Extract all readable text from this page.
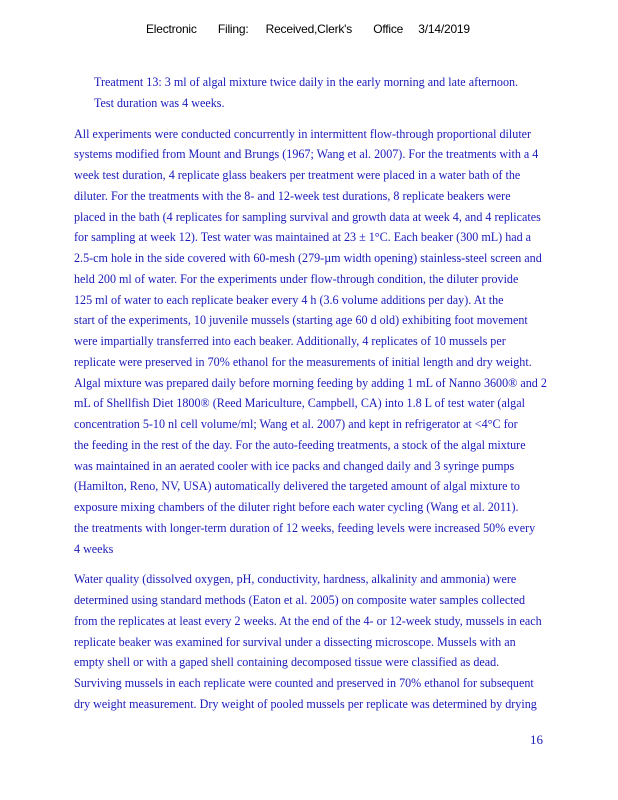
Electronic Filing: Received,Clerk's Office 3/14/2019
Treatment 13: 3 ml of algal mixture twice daily in the early morning and late afternoon.
Test duration was 4 weeks.
All experiments were conducted concurrently in intermittent flow-through proportional diluter
systems modified from Mount and Brungs (1967; Wang et al. 2007). For the treatments with a 4
week test duration, 4 replicate glass beakers per treatment were placed in a water bath of the
diluter. For the treatments with the 8- and 12-week test durations, 8 replicate beakers were
placed in the bath (4 replicates for sampling survival and growth data at week 4, and 4 replicates
for sampling at week 12). Test water was maintained at 23 ± 1°C. Each beaker (300 mL) had a
2.5-cm hole in the side covered with 60-mesh (279-µm width opening) stainless-steel screen and
held 200 ml of water. For the experiments under flow-through condition, the diluter provide
125 ml of water to each replicate beaker every 4 h (3.6 volume additions per day). At the
start of the experiments, 10 juvenile mussels (starting age 60 d old) exhibiting foot movement
were impartially transferred into each beaker. Additionally, 4 replicates of 10 mussels per
replicate were preserved in 70% ethanol for the measurements of initial length and dry weight.
Algal mixture was prepared daily before morning feeding by adding 1 mL of Nanno 3600® and 2
mL of Shellfish Diet 1800® (Reed Mariculture, Campbell, CA) into 1.8 L of test water (algal
concentration 5-10 nl cell volume/ml; Wang et al. 2007) and kept in refrigerator at <4°C for
the feeding in the rest of the day. For the auto-feeding treatments, a stock of the algal mixture
was maintained in an aerated cooler with ice packs and changed daily and 3 syringe pumps
(Hamilton, Reno, NV, USA) automatically delivered the targeted amount of algal mixture to
exposure mixing chambers of the diluter right before each water cycling (Wang et al. 2011).
the treatments with longer-term duration of 12 weeks, feeding levels were increased 50% every
4 weeks
Water quality (dissolved oxygen, pH, conductivity, hardness, alkalinity and ammonia) were
determined using standard methods (Eaton et al. 2005) on composite water samples collected
from the replicates at least every 2 weeks. At the end of the 4- or 12-week study, mussels in each
replicate beaker was examined for survival under a dissecting microscope. Mussels with an
empty shell or with a gaped shell containing decomposed tissue were classified as dead.
Surviving mussels in each replicate were counted and preserved in 70% ethanol for subsequent
dry weight measurement. Dry weight of pooled mussels per replicate was determined by drying
16
